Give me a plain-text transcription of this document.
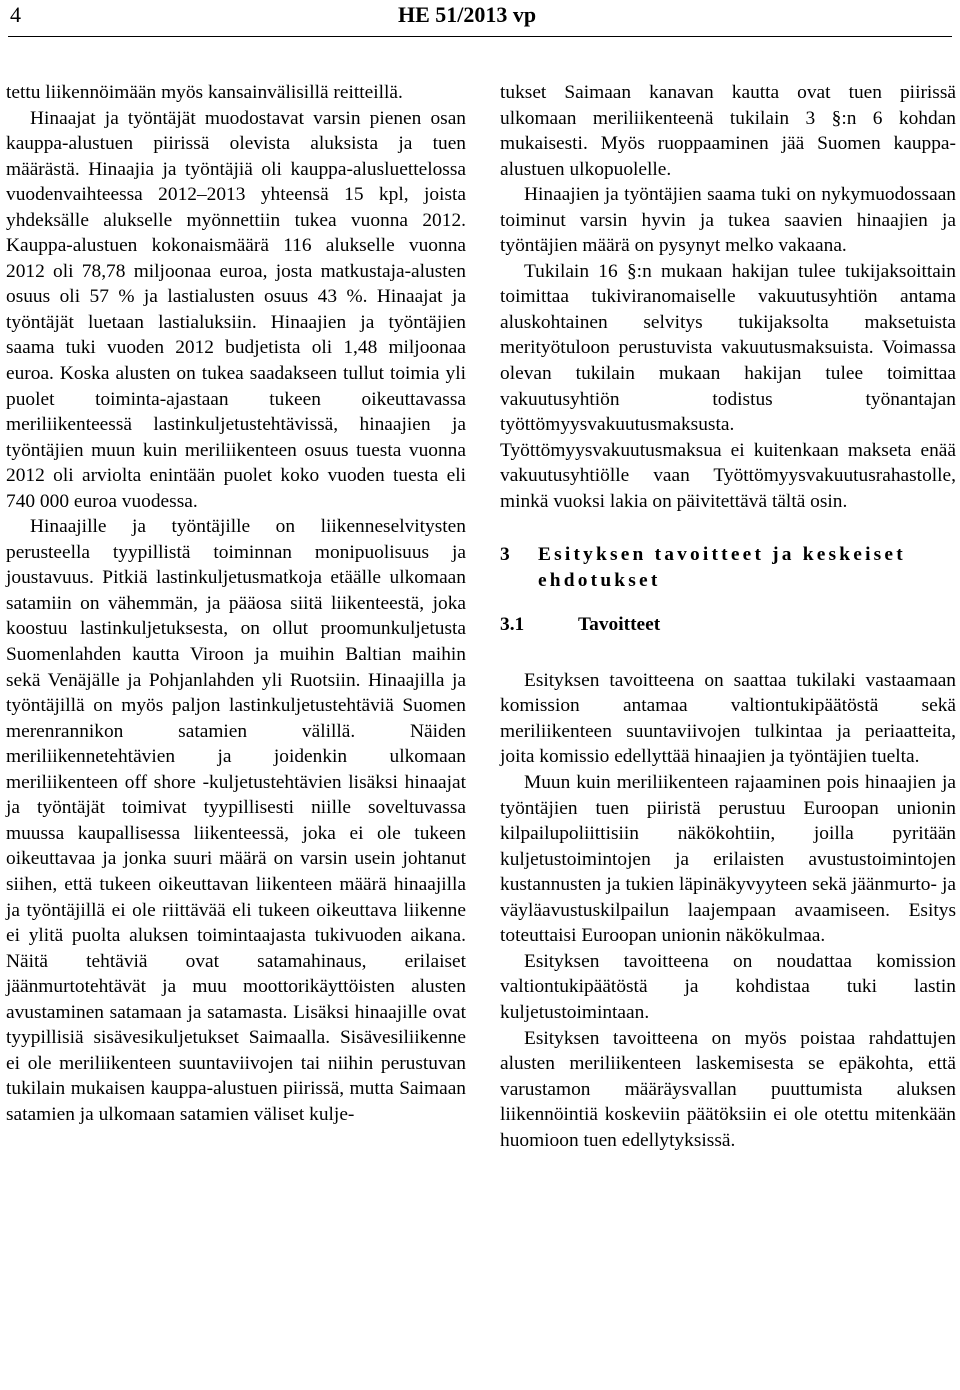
4	HE 51/2013 vp

tettu liikennöimään myös kansainvälisillä reitteillä.

Hinaajat ja työntäjät muodostavat varsin pienen osan kauppa-alustuen piirissä olevista aluksista ja tuen määrästä. Hinaajia ja työntäjiä oli kauppa-alusluettelossa vuodenvaihteessa 2012–2013 yhteensä 15 kpl, joista yhdeksälle alukselle myönnettiin tukea vuonna 2012. Kauppa-alustuen kokonaismäärä 116 alukselle vuonna 2012 oli 78,78 miljoonaa euroa, josta matkustaja-alusten osuus oli 57 % ja lastialusten osuus 43 %. Hinaajat ja työntäjät luetaan lastialuksiin. Hinaajien ja työntäjien saama tuki vuoden 2012 budjetista oli 1,48 miljoonaa euroa. Koska alusten on tukea saadakseen tullut toimia yli puolet toiminta-ajastaan tukeen oikeuttavassa meriliikenteessä lastinkuljetustehtävissä, hinaajien ja työntäjien muun kuin meriliikenteen osuus tuesta vuonna 2012 oli arviolta enintään puolet koko vuoden tuesta eli 740 000 euroa vuodessa.

Hinaajille ja työntäjille on liikenneselvitysten perusteella tyypillistä toiminnan monipuolisuus ja joustavuus. Pitkiä lastinkuljetusmatkoja etäälle ulkomaan satamiin on vähemmän, ja pääosa siitä liikenteestä, joka koostuu lastinkuljetuksesta, on ollut proomunkuljetusta Suomenlahden kautta Viroon ja muihin Baltian maihin sekä Venäjälle ja Pohjanlahden yli Ruotsiin. Hinaajilla ja työntäjillä on myös paljon lastinkuljetustehtäviä Suomen merenrannikon satamien välillä. Näiden meriliikennetehtävien ja joidenkin ulkomaan meriliikenteen off shore -kuljetustehtävien lisäksi hinaajat ja työntäjät toimivat tyypillisesti niille soveltuvassa muussa kaupallisessa liikenteessä, joka ei ole tukeen oikeuttavaa ja jonka suuri määrä on varsin usein johtanut siihen, että tukeen oikeuttavan liikenteen määrä hinaajilla ja työntäjillä ei ole riittävää eli tukeen oikeuttava liikenne ei ylitä puolta aluksen toimintaajasta tukivuoden aikana. Näitä tehtäviä ovat satamahinaus, erilaiset jäänmurtotehtävät ja muu moottorikäyttöisten alusten avustaminen satamaan ja satamasta. Lisäksi hinaajille ovat tyypillisiä sisävesikuljetukset Saimaalla. Sisävesiliikenne ei ole meriliikenteen suuntaviivojen tai niihin perustuvan tukilain mukaisen kauppa-alustuen piirissä, mutta Saimaan satamien ja ulkomaan satamien väliset kulje-

tukset Saimaan kanavan kautta ovat tuen piirissä ulkomaan meriliikenteenä tukilain 3 §:n 6 kohdan mukaisesti. Myös ruoppaaminen jää Suomen kauppa-alustuen ulkopuolelle.

Hinaajien ja työntäjien saama tuki on nykymuodossaan toiminut varsin hyvin ja tukea saavien hinaajien ja työntäjien määrä on pysynyt melko vakaana.

Tukilain 16 §:n mukaan hakijan tulee tukijaksoittain toimittaa tukiviranomaiselle vakuutusyhtiön antama aluskohtainen selvitys tukijaksolta maksetuista merityötuloon perustuvista vakuutusmaksuista. Voimassa olevan tukilain mukaan hakijan tulee toimittaa vakuutusyhtiön todistus työnantajan työttömyysvakuutusmaksusta. Työttömyysvakuutusmaksua ei kuitenkaan makseta enää vakuutusyhtiölle vaan Työttömyysvakuutusrahastolle, minkä vuoksi lakia on päivitettävä tältä osin.

3	Esityksen tavoitteet ja keskeiset ehdotukset
3.1	Tavoitteet

Esityksen tavoitteena on saattaa tukilaki vastaamaan komission antamaa valtiontukipäätöstä sekä meriliikenteen suuntaviivojen tulkintaa ja periaatteita, joita komissio edellyttää hinaajien ja työntäjien tuelta.

Muun kuin meriliikenteen rajaaminen pois hinaajien ja työntäjien tuen piiristä perustuu Euroopan unionin kilpailupoliittisiin näkökohtiin, joilla pyritään kuljetustoimintojen ja erilaisten avustustoimintojen kustannusten ja tukien läpinäkyvyyteen sekä jäänmurto- ja väyläavustuskilpailun laajempaan avaamiseen. Esitys toteuttaisi Euroopan unionin näkökulmaa.

Esityksen tavoitteena on noudattaa komission valtiontukipäätöstä ja kohdistaa tuki lastin kuljetustoimintaan.

Esityksen tavoitteena on myös poistaa rahdattujen alusten meriliikenteen laskemisesta se epäkohta, että varustamon määräysvallan puuttumista aluksen liikennöintiä koskeviin päätöksiin ei ole otettu mitenkään huomioon tuen edellytyksissä.
